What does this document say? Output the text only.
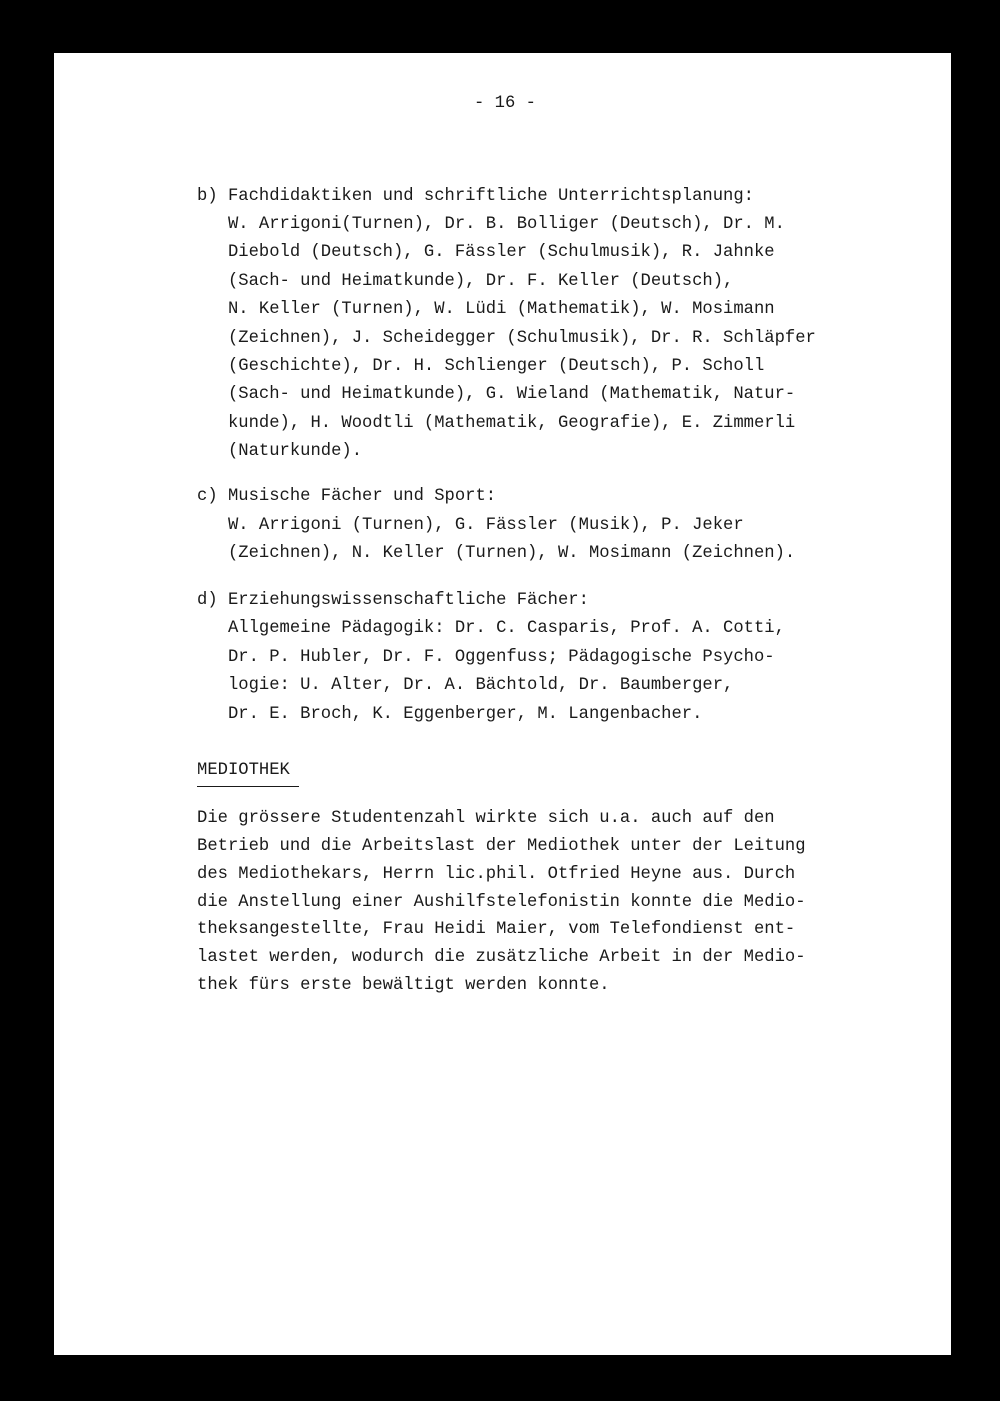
- 16 -
b) Fachdidaktiken und schriftliche Unterrichtsplanung:
W. Arrigoni(Turnen), Dr. B. Bolliger (Deutsch), Dr. M.
Diebold (Deutsch), G. Fässler (Schulmusik), R. Jahnke
(Sach- und Heimatkunde), Dr. F. Keller (Deutsch),
N. Keller (Turnen), W. Lüdi (Mathematik), W. Mosimann
(Zeichnen), J. Scheidegger (Schulmusik), Dr. R. Schläpfer
(Geschichte), Dr. H. Schlienger (Deutsch), P. Scholl
(Sach- und Heimatkunde), G. Wieland (Mathematik, Natur-
kunde), H. Woodtli (Mathematik, Geografie), E. Zimmerli
(Naturkunde).
c) Musische Fächer und Sport:
W. Arrigoni (Turnen), G. Fässler (Musik), P. Jeker
(Zeichnen), N. Keller (Turnen), W. Mosimann (Zeichnen).
d) Erziehungswissenschaftliche Fächer:
Allgemeine Pädagogik: Dr. C. Casparis, Prof. A. Cotti,
Dr. P. Hubler, Dr. F. Oggenfuss; Pädagogische Psycho-
logie: U. Alter, Dr. A. Bächtold, Dr. Baumberger,
Dr. E. Broch, K. Eggenberger, M. Langenbacher.
MEDIOTHEK
Die grössere Studentenzahl wirkte sich u.a. auch auf den
Betrieb und die Arbeitslast der Mediothek unter der Leitung
des Mediothekars, Herrn lic.phil. Otfried Heyne aus. Durch
die Anstellung einer Aushilfstelefonistin konnte die Medio-
theksangestellte, Frau Heidi Maier, vom Telefondienst ent-
lastet werden, wodurch die zusätzliche Arbeit in der Medio-
thek fürs erste bewältigt werden konnte.
